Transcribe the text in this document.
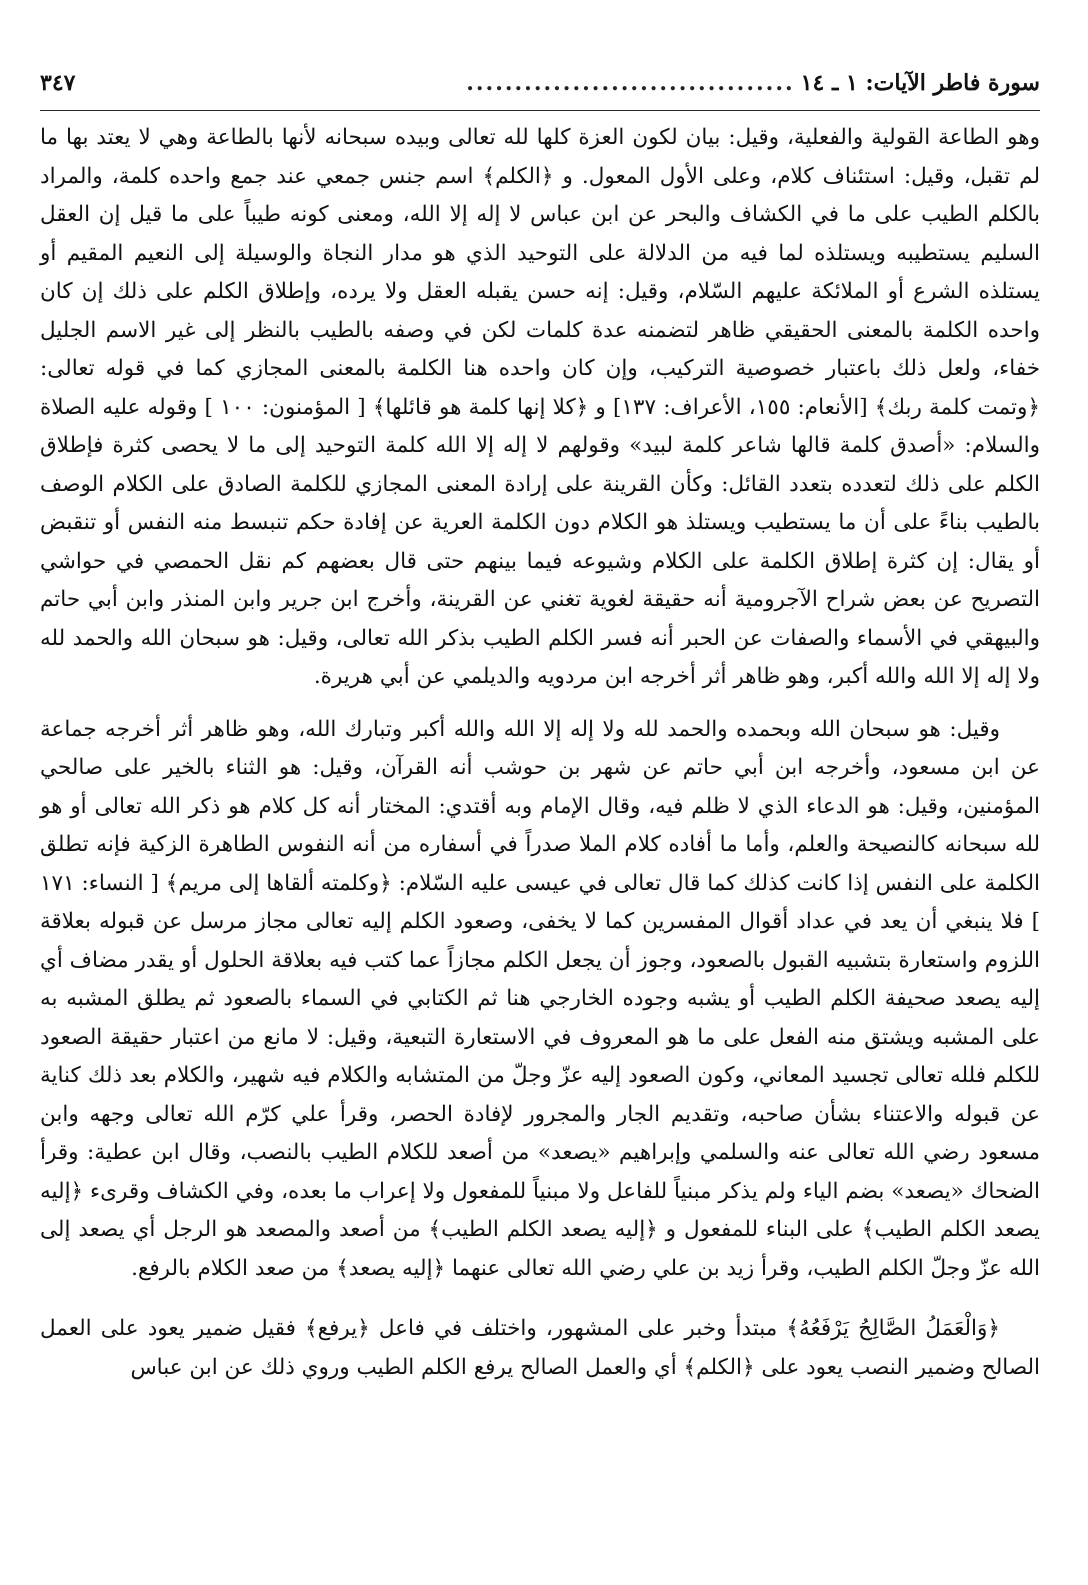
سورة فاطر الآيات: ١ ـ ١٤
..................................
٣٤٧

وهو الطاعة القولية والفعلية، وقيل: بيان لكون العزة كلها لله تعالى وبيده سبحانه لأنها بالطاعة وهي لا يعتد بها ما لم تقبل، وقيل: استئناف كلام، وعلى الأول المعول. و ﴿الكلم﴾ اسم جنس جمعي عند جمع واحده كلمة، والمراد بالكلم الطيب على ما في الكشاف والبحر عن ابن عباس لا إله إلا الله، ومعنى كونه طيباً على ما قيل إن العقل السليم يستطيبه ويستلذه لما فيه من الدلالة على التوحيد الذي هو مدار النجاة والوسيلة إلى النعيم المقيم أو يستلذه الشرع أو الملائكة عليهم السّلام، وقيل: إنه حسن يقبله العقل ولا يرده، وإطلاق الكلم على ذلك إن كان واحده الكلمة بالمعنى الحقيقي ظاهر لتضمنه عدة كلمات لكن في وصفه بالطيب بالنظر إلى غير الاسم الجليل خفاء، ولعل ذلك باعتبار خصوصية التركيب، وإن كان واحده هنا الكلمة بالمعنى المجازي كما في قوله تعالى: ﴿وتمت كلمة ربك﴾ [الأنعام: ١٥٥، الأعراف: ١٣٧] و ﴿كلا إنها كلمة هو قائلها﴾ [ المؤمنون: ١٠٠ ] وقوله عليه الصلاة والسلام: «أصدق كلمة قالها شاعر كلمة لبيد» وقولهم لا إله إلا الله كلمة التوحيد إلى ما لا يحصى كثرة فإطلاق الكلم على ذلك لتعدده بتعدد القائل: وكأن القرينة على إرادة المعنى المجازي للكلمة الصادق على الكلام الوصف بالطيب بناءً على أن ما يستطيب ويستلذ هو الكلام دون الكلمة العرية عن إفادة حكم تنبسط منه النفس أو تنقبض أو يقال: إن كثرة إطلاق الكلمة على الكلام وشيوعه فيما بينهم حتى قال بعضهم كم نقل الحمصي في حواشي التصريح عن بعض شراح الآجرومية أنه حقيقة لغوية تغني عن القرينة، وأخرج ابن جرير وابن المنذر وابن أبي حاتم والبيهقي في الأسماء والصفات عن الحبر أنه فسر الكلم الطيب بذكر الله تعالى، وقيل: هو سبحان الله والحمد لله ولا إله إلا الله والله أكبر، وهو ظاهر أثر أخرجه ابن مردويه والديلمي عن أبي هريرة.

وقيل: هو سبحان الله وبحمده والحمد لله ولا إله إلا الله والله أكبر وتبارك الله، وهو ظاهر أثر أخرجه جماعة عن ابن مسعود، وأخرجه ابن أبي حاتم عن شهر بن حوشب أنه القرآن، وقيل: هو الثناء بالخير على صالحي المؤمنين، وقيل: هو الدعاء الذي لا ظلم فيه، وقال الإمام وبه أقتدي: المختار أنه كل كلام هو ذكر الله تعالى أو هو لله سبحانه كالنصيحة والعلم، وأما ما أفاده كلام الملا صدراً في أسفاره من أنه النفوس الطاهرة الزكية فإنه تطلق الكلمة على النفس إذا كانت كذلك كما قال تعالى في عيسى عليه السّلام: ﴿وكلمته ألقاها إلى مريم﴾ [ النساء: ١٧١ ] فلا ينبغي أن يعد في عداد أقوال المفسرين كما لا يخفى، وصعود الكلم إليه تعالى مجاز مرسل عن قبوله بعلاقة اللزوم واستعارة بتشبيه القبول بالصعود، وجوز أن يجعل الكلم مجازاً عما كتب فيه بعلاقة الحلول أو يقدر مضاف أي إليه يصعد صحيفة الكلم الطيب أو يشبه وجوده الخارجي هنا ثم الكتابي في السماء بالصعود ثم يطلق المشبه به على المشبه ويشتق منه الفعل على ما هو المعروف في الاستعارة التبعية، وقيل: لا مانع من اعتبار حقيقة الصعود للكلم فلله تعالى تجسيد المعاني، وكون الصعود إليه عزّ وجلّ من المتشابه والكلام فيه شهير، والكلام بعد ذلك كناية عن قبوله والاعتناء بشأن صاحبه، وتقديم الجار والمجرور لإفادة الحصر، وقرأ علي كرّم الله تعالى وجهه وابن مسعود رضي الله تعالى عنه والسلمي وإبراهيم «يصعد» من أصعد للكلام الطيب بالنصب، وقال ابن عطية: وقرأ الضحاك «يصعد» بضم الياء ولم يذكر مبنياً للفاعل ولا مبنياً للمفعول ولا إعراب ما بعده، وفي الكشاف وقرىء ﴿إليه يصعد الكلم الطيب﴾ على البناء للمفعول و ﴿إليه يصعد الكلم الطيب﴾ من أصعد والمصعد هو الرجل أي يصعد إلى الله عزّ وجلّ الكلم الطيب، وقرأ زيد بن علي رضي الله تعالى عنهما ﴿إليه يصعد﴾ من صعد الكلام بالرفع.

﴿وَالْعَمَلُ الصَّالِحُ يَرْفَعُهُ﴾ مبتدأ وخبر على المشهور، واختلف في فاعل ﴿يرفع﴾ فقيل ضمير يعود على العمل الصالح وضمير النصب يعود على ﴿الكلم﴾ أي والعمل الصالح يرفع الكلم الطيب وروي ذلك عن ابن عباس
